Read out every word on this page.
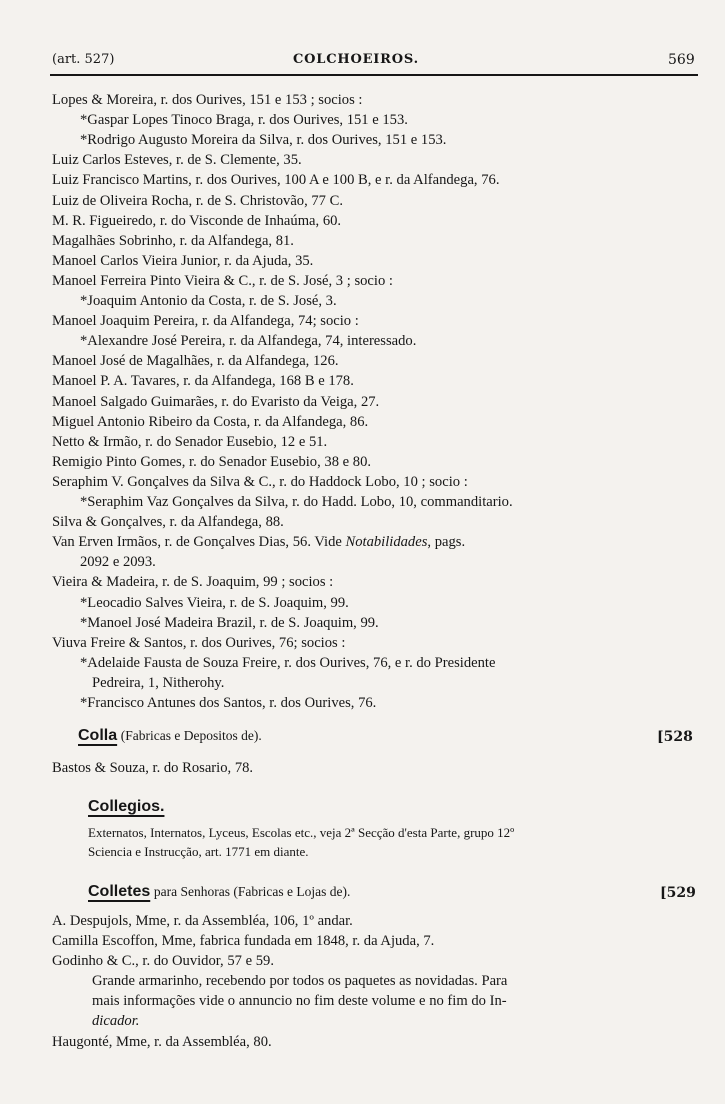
(art. 527)	COLCHOEIROS.	569
Lopes & Moreira, r. dos Ourives, 151 e 153 ; socios :
*Gaspar Lopes Tinoco Braga, r. dos Ourives, 151 e 153.
*Rodrigo Augusto Moreira da Silva, r. dos Ourives, 151 e 153.
Luiz Carlos Esteves, r. de S. Clemente, 35.
Luiz Francisco Martins, r. dos Ourives, 100 A e 100 B, e r. da Alfandega, 76.
Luiz de Oliveira Rocha, r. de S. Christovão, 77 C.
M. R. Figueiredo, r. do Visconde de Inhaúma, 60.
Magalhães Sobrinho, r. da Alfandega, 81.
Manoel Carlos Vieira Junior, r. da Ajuda, 35.
Manoel Ferreira Pinto Vieira & C., r. de S. José, 3 ; socio :
*Joaquim Antonio da Costa, r. de S. José, 3.
Manoel Joaquim Pereira, r. da Alfandega, 74; socio :
*Alexandre José Pereira, r. da Alfandega, 74, interessado.
Manoel José de Magalhães, r. da Alfandega, 126.
Manoel P. A. Tavares, r. da Alfandega, 168 B e 178.
Manoel Salgado Guimarães, r. do Evaristo da Veiga, 27.
Miguel Antonio Ribeiro da Costa, r. da Alfandega, 86.
Netto & Irmão, r. do Senador Eusebio, 12 e 51.
Remigio Pinto Gomes, r. do Senador Eusebio, 38 e 80.
Seraphim V. Gonçalves da Silva & C., r. do Haddock Lobo, 10 ; socio :
*Seraphim Vaz Gonçalves da Silva, r. do Hadd. Lobo, 10, commanditario.
Silva & Gonçalves, r. da Alfandega, 88.
Van Erven Irmãos, r. de Gonçalves Dias, 56. Vide Notabilidades, pags.
2092 e 2093.
Vieira & Madeira, r. de S. Joaquim, 99 ; socios :
*Leocadio Salves Vieira, r. de S. Joaquim, 99.
*Manoel José Madeira Brazil, r. de S. Joaquim, 99.
Viuva Freire & Santos, r. dos Ourives, 76; socios :
*Adelaide Fausta de Souza Freire, r. dos Ourives, 76, e r. do Presidente
Pedreira, 1, Nitherohy.
*Francisco Antunes dos Santos, r. dos Ourives, 76.
Colla (Fabricas e Depositos de).	[528
Bastos & Souza, r. do Rosario, 78.
Collegios.
Externatos, Internatos, Lyceus, Escolas etc., veja 2ª Secção d'esta Parte, grupo 12º
Sciencia e Instrucção, art. 1771 em diante.
Colletes para Senhoras (Fabricas e Lojas de).	[529
A. Despujols, Mme, r. da Assembléa, 106, 1º andar.
Camilla Escoffon, Mme, fabrica fundada em 1848, r. da Ajuda, 7.
Godinho & C., r. do Ouvidor, 57 e 59.
Grande armarinho, recebendo por todos os paquetes as novidadas. Para
mais informações vide o annuncio no fim deste volume e no fim do In-
dicador.
Haugonté, Mme, r. da Assembléa, 80.
